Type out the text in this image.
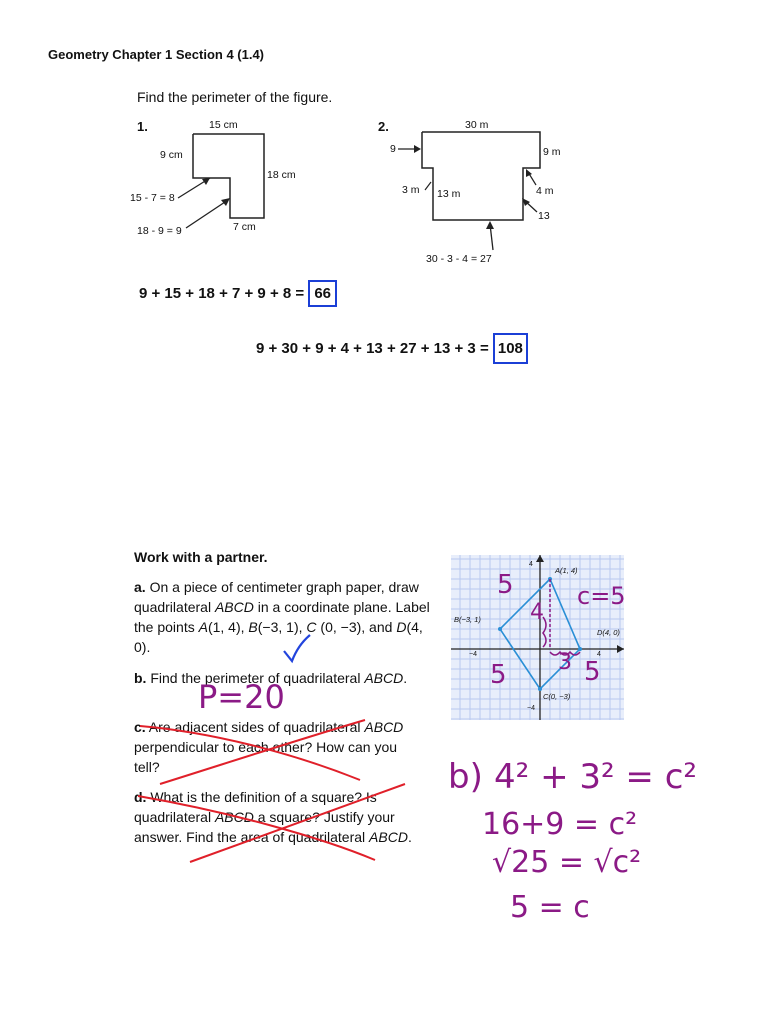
Geometry Chapter 1 Section 4 (1.4)
Find the perimeter of the figure.
1.	15 cm
9 cm
18 cm
7 cm
15 - 7 = 8
18 - 9 = 9
2.	30 m
9	9 m
3 m 13 m	4 m
13
30 - 3 - 4 = 27
9 + 15 + 18 + 7 + 9 + 8 = 66
9 + 30 + 9 + 4 + 13 + 27 + 13 + 3 = 108
Work with a partner.
a. On a piece of centimeter graph paper, draw quadrilateral ABCD in a coordinate plane. Label the points A(1, 4), B(−3, 1), C (0, −3), and D(4, 0).
b. Find the perimeter of quadrilateral ABCD.
c. Are adjacent sides of quadrilateral ABCD perpendicular to each other? How can you tell?
d. What is the definition of a square? Is quadrilateral ABCD a square? Justify your answer. Find the area of quadrilateral ABCD.
A(1, 4)
B(−3, 1)
C(0, −3)
D(4, 0)
−4	4
4
−4
P=20
5
5	5
4
3
c=5
b) 4² + 3² = c²
16+9 = c²
√25 = √c²
5 = c
